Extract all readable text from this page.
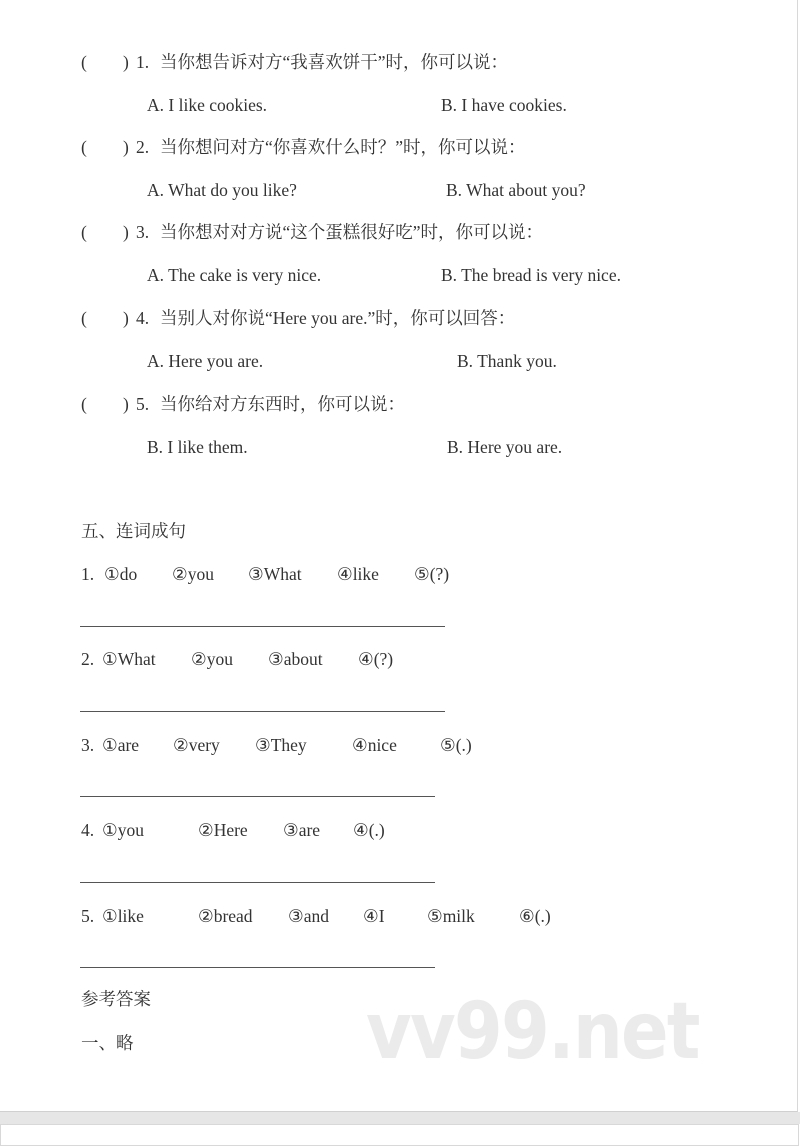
( ) 1. 当你想告诉对方“我喜欢饼干”时，你可以说：
A. I like cookies.	B. I have cookies.
( ) 2. 当你想问对方“你喜欢什么时？”时，你可以说：
A. What do you like?	B. What about you?
( ) 3. 当你想对对方说“这个蛋糕很好吃”时，你可以说：
A. The cake is very nice.	B. The bread is very nice.
( ) 4. 当别人对你说“Here you are.”时，你可以回答：
A. Here you are.	B. Thank you.
( ) 5. 当你给对方东西时，你可以说：
B. I like them.	B. Here you are.
五、连词成句
1. ①do ②you ③What ④like ⑤(?)
2. ①What ②you ③about ④(?)
3. ①are ②very ③They	④nice ⑤(.)
4. ①you	②Here ③are ④(.)
5. ①like	②bread ③and ④I ⑤milk	⑥(.)
参考答案
一、略	vv99.net
